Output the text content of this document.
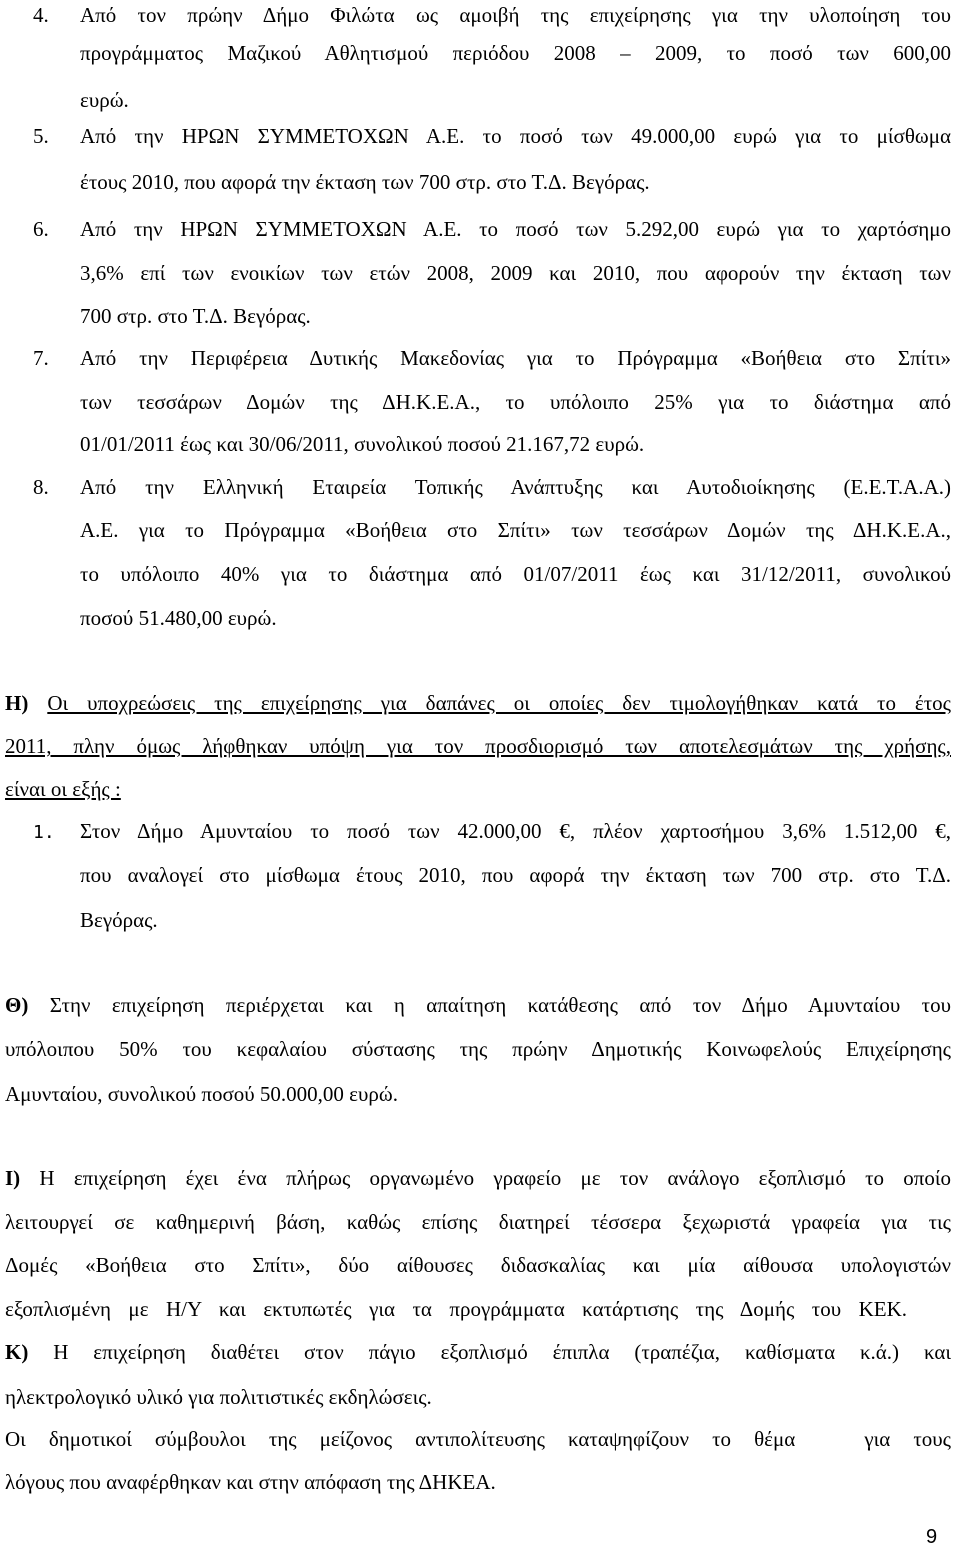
4. Από τον πρώην Δήμο Φιλώτα ως αμοιβή της επιχείρησης για την υλοποίηση του
προγράμματος Μαζικού Αθλητισμού περιόδου 2008 – 2009, το ποσό των 600,00
ευρώ.
5. Από την ΗΡΩΝ ΣΥΜΜΕΤΟΧΩΝ Α.Ε. το ποσό των 49.000,00 ευρώ για το μίσθωμα
έτους 2010, που αφορά την έκταση των 700 στρ. στο Τ.Δ. Βεγόρας.
6. Από την ΗΡΩΝ ΣΥΜΜΕΤΟΧΩΝ Α.Ε. το ποσό των 5.292,00 ευρώ για το χαρτόσημο
3,6% επί των ενοικίων των ετών 2008, 2009 και 2010, που αφορούν την έκταση των
700 στρ. στο Τ.Δ. Βεγόρας.
7. Από την Περιφέρεια Δυτικής Μακεδονίας για το Πρόγραμμα «Βοήθεια στο Σπίτι»
των τεσσάρων Δομών της ΔΗ.Κ.Ε.Α., το υπόλοιπο 25% για το διάστημα από
01/01/2011 έως και 30/06/2011, συνολικού ποσού 21.167,72 ευρώ.
8. Από την Ελληνική Εταιρεία Τοπικής Ανάπτυξης και Αυτοδιοίκησης (Ε.Ε.Τ.Α.Α.)
Α.Ε. για το Πρόγραμμα «Βοήθεια στο Σπίτι» των τεσσάρων Δομών της ΔΗ.Κ.Ε.Α.,
το υπόλοιπο 40% για το διάστημα από 01/07/2011 έως και 31/12/2011, συνολικού
ποσού 51.480,00 ευρώ.
Η) Οι υποχρεώσεις της επιχείρησης για δαπάνες οι οποίες δεν τιμολογήθηκαν κατά το έτος
2011, πλην όμως λήφθηκαν υπόψη για τον προσδιορισμό των αποτελεσμάτων της χρήσης,
είναι οι εξής :
1. Στον Δήμο Αμυνταίου το ποσό των 42.000,00 €, πλέον χαρτοσήμου 3,6% 1.512,00 €,
που αναλογεί στο μίσθωμα έτους 2010, που αφορά την έκταση των 700 στρ. στο Τ.Δ.
Βεγόρας.
Θ) Στην επιχείρηση περιέρχεται και η απαίτηση κατάθεσης από τον Δήμο Αμυνταίου του
υπόλοιπου 50% του κεφαλαίου σύστασης της πρώην Δημοτικής Κοινωφελούς Επιχείρησης
Αμυνταίου, συνολικού ποσού 50.000,00 ευρώ.
Ι) Η επιχείρηση έχει ένα πλήρως οργανωμένο γραφείο με τον ανάλογο εξοπλισμό το οποίο
λειτουργεί σε καθημερινή βάση, καθώς επίσης διατηρεί τέσσερα ξεχωριστά γραφεία για τις
Δομές «Βοήθεια στο Σπίτι», δύο αίθουσες διδασκαλίας και μία αίθουσα υπολογιστών
εξοπλισμένη με Η/Υ και εκτυπωτές για τα προγράμματα κατάρτισης της Δομής του ΚΕΚ.
Κ) Η επιχείρηση διαθέτει στον πάγιο εξοπλισμό έπιπλα (τραπέζια, καθίσματα κ.ά.) και
ηλεκτρολογικό υλικό για πολιτιστικές εκδηλώσεις.
Οι δημοτικοί σύμβουλοι της μείζονος αντιπολίτευσης καταψηφίζουν το θέμα   για τους
λόγους που αναφέρθηκαν και στην απόφαση της ΔΗΚΕΑ.
9
